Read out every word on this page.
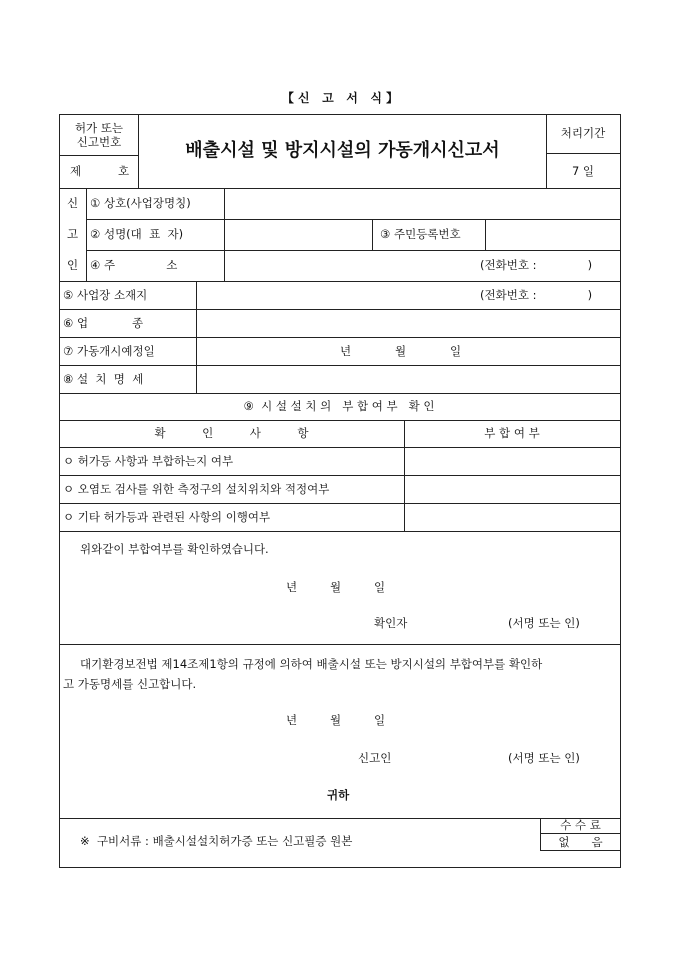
【 신   고   서   식 】
허가 또는
신고번호
제	호
배출시설 및 방지시설의 가동개시신고서
처리기간
7 일
신
고
인
① 상호(사업장명칭)
② 성명(대  표  자)	③ 주민등록번호
④ 주              소	(전화번호 :              )
⑤ 사업장 소재지	(전화번호 :              )
⑥ 업            종
⑦ 가동개시예정일	년            월            일
⑧ 설  치  명  세
⑨  시 설 설 치 의   부 합 여 부   확 인
확          인          사          항	부 합 여 부
ㅇ 허가등 사항과 부합하는지 여부
ㅇ 오염도 검사를 위한 측정구의 설치위치와 적정여부
ㅇ 기타 허가등과 관련된 사항의 이행여부
위와같이 부합여부를 확인하였습니다.
년         월         일
확인자	(서명 또는 인)
대기환경보전법 제14조제1항의 규정에 의하여 배출시설 또는 방지시설의 부합여부를 확인하
고 가동명세를 신고합니다.
년         월         일
신고인	(서명 또는 인)
귀하
※  구비서류 : 배출시설설치허가증 또는 신고필증 원본
수 수 료
없      음
